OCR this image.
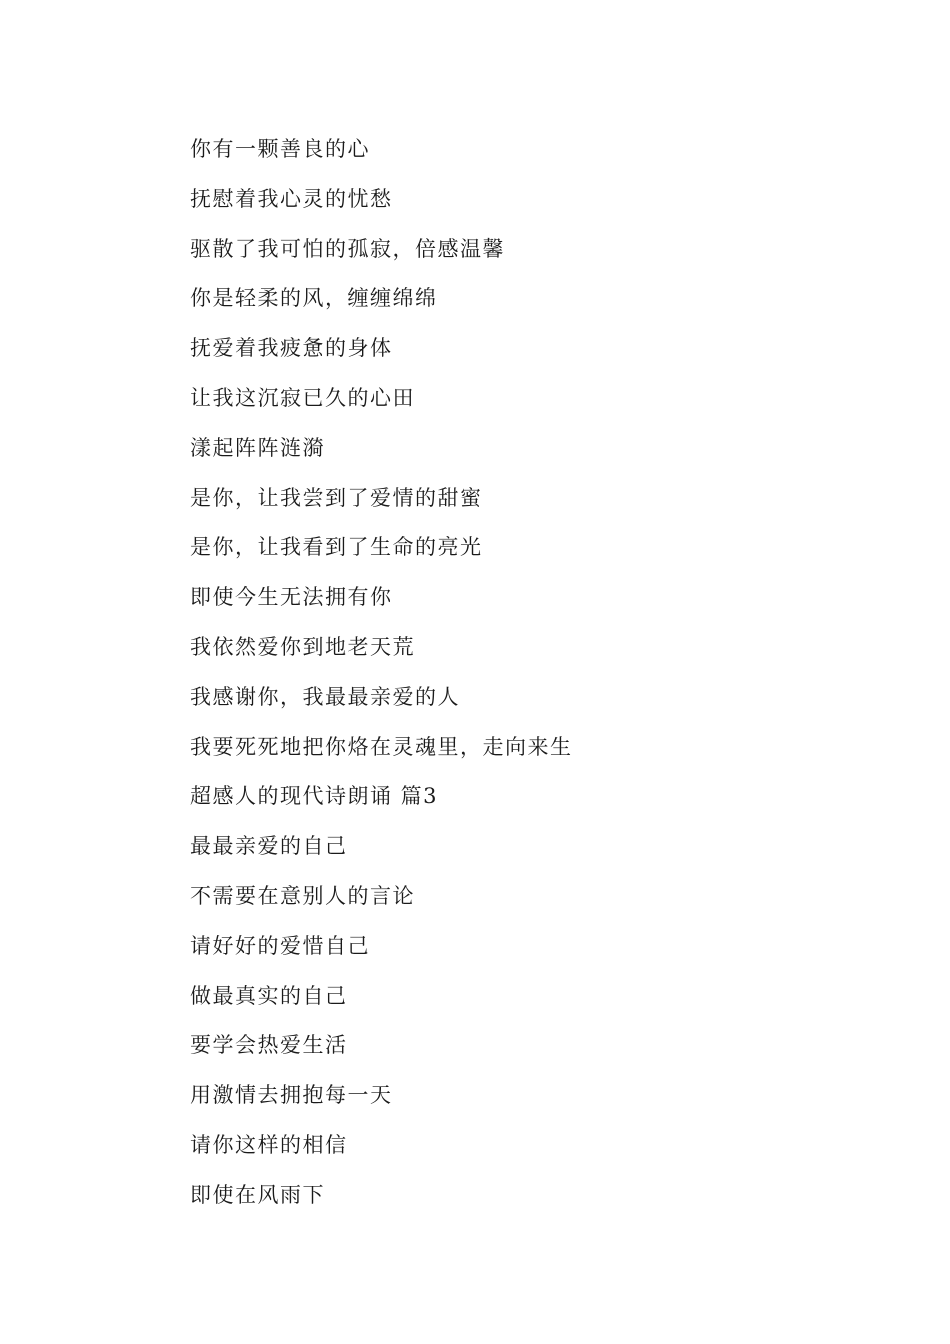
你有一颗善良的心
抚慰着我心灵的忧愁
驱散了我可怕的孤寂，倍感温馨
你是轻柔的风，缠缠绵绵
抚爱着我疲惫的身体
让我这沉寂已久的心田
漾起阵阵涟漪
是你，让我尝到了爱情的甜蜜
是你，让我看到了生命的亮光
即使今生无法拥有你
我依然爱你到地老天荒
我感谢你，我最最亲爱的人
我要死死地把你烙在灵魂里，走向来生
超感人的现代诗朗诵 篇3
最最亲爱的自己
不需要在意别人的言论
请好好的爱惜自己
做最真实的自己
要学会热爱生活
用激情去拥抱每一天
请你这样的相信
即使在风雨下
